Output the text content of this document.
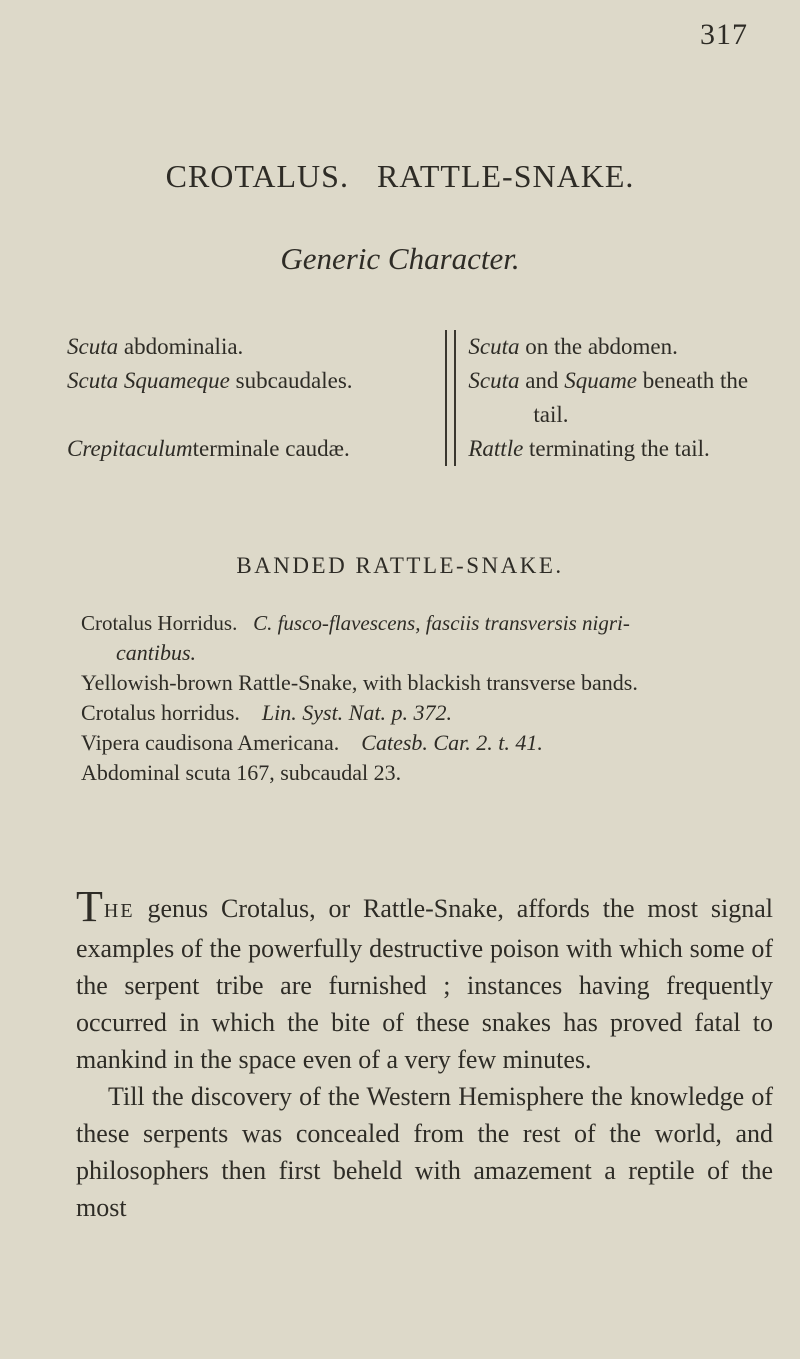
317
CROTALUS. RATTLE-SNAKE.
Generic Character.
Scuta abdominalia.	Scuta on the abdomen.
Scuta Squameque subcaudales.	Scuta and Squame beneath the
tail.
Crepitaculumterminale caudæ.	Rattle terminating the tail.
BANDED RATTLE-SNAKE.
Crotalus Horridus. C. fusco-flavescens, fasciis transversis nigri-
cantibus.
Yellowish-brown Rattle-Snake, with blackish transverse bands.
Crotalus horridus. Lin. Syst. Nat. p. 372.
Vipera caudisona Americana. Catesb. Car. 2. t. 41.
Abdominal scuta 167, subcaudal 23.

THE genus Crotalus, or Rattle-Snake, affords the most signal examples of the powerfully destructive poison with which some of the serpent tribe are furnished ; instances having frequently occurred in which the bite of these snakes has proved fatal to mankind in the space even of a very few minutes.

Till the discovery of the Western Hemisphere the knowledge of these serpents was concealed from the rest of the world, and philosophers then first beheld with amazement a reptile of the most
